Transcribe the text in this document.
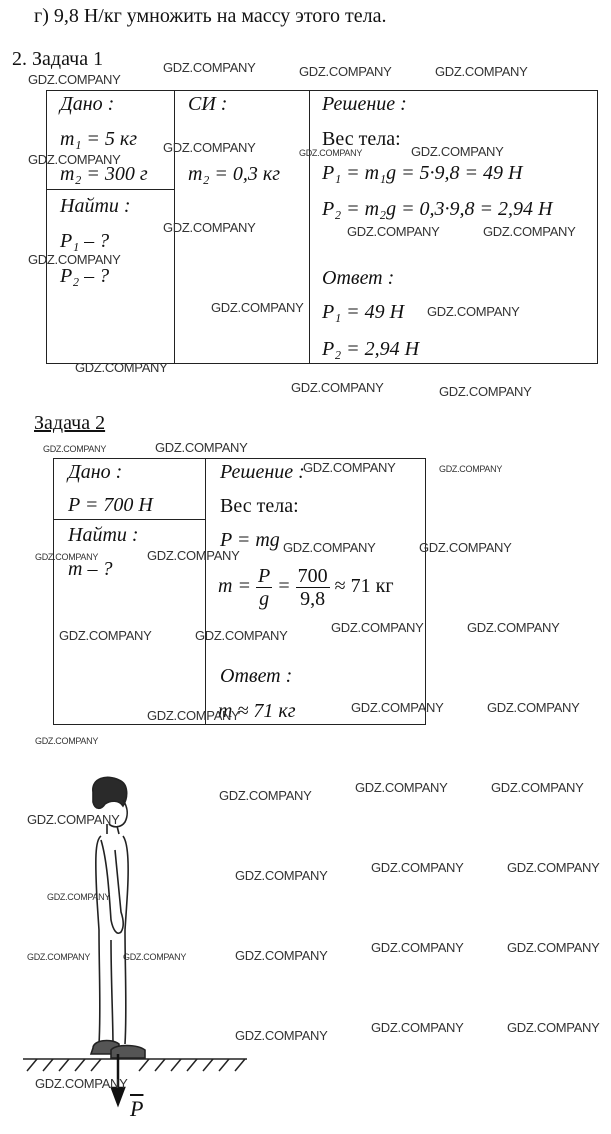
г) 9,8 Н/кг умножить на массу этого тела.
2. Задача 1
Дано :
m₁ = 5 кг
m₂ = 300 г
Найти :
P₁ – ?
P₂ – ?
СИ :
m₂ = 0,3 кг
Решение :
Вес тела:
P₁ = m₁g = 5·9,8 = 49 Н
P₂ = m₂g = 0,3·9,8 = 2,94 Н
Ответ :
P₁ = 49 Н
P₂ = 2,94 Н
Задача 2
Дано :
P = 700 Н
Найти :
m – ?
Решение :
Вес тела:
P = mg
$m = \frac{P}{g} = \frac{700}{9,8} \approx 71$ кг
Ответ :
m ≈ 71 кг
$\overline{P}$
GDZ.COMPANY
GDZ.COMPANY	GDZ.COMPANY	GDZ.COMPANY
GDZ.COMPANY
GDZ.COMPANY	GDZ.COMPANY	GDZ.COMPANY
GDZ.COMPANY	GDZ.COMPANY	GDZ.COMPANY
GDZ.COMPANY
GDZ.COMPANY	GDZ.COMPANY
GDZ.COMPANY
GDZ.COMPANY	GDZ.COMPANY
GDZ.COMPANY	GDZ.COMPANY
GDZ.COMPANY	GDZ.COMPANY
GDZ.COMPANY	GDZ.COMPANY
GDZ.COMPANY	GDZ.COMPANY
GDZ.COMPANY	GDZ.COMPANY
GDZ.COMPANY	GDZ.COMPANY
GDZ.COMPANY
GDZ.COMPANY	GDZ.COMPANY
GDZ.COMPANY
GDZ.COMPANY
GDZ.COMPANY	GDZ.COMPANY
GDZ.COMPANY
GDZ.COMPANY
GDZ.COMPANY	GDZ.COMPANY
GDZ.COMPANY
GDZ.COMPANY
GDZ.COMPANY	GDZ.COMPANY
GDZ.COMPANY	GDZ.COMPANY
GDZ.COMPANY
GDZ.COMPANY	GDZ.COMPANY
GDZ.COMPANY
